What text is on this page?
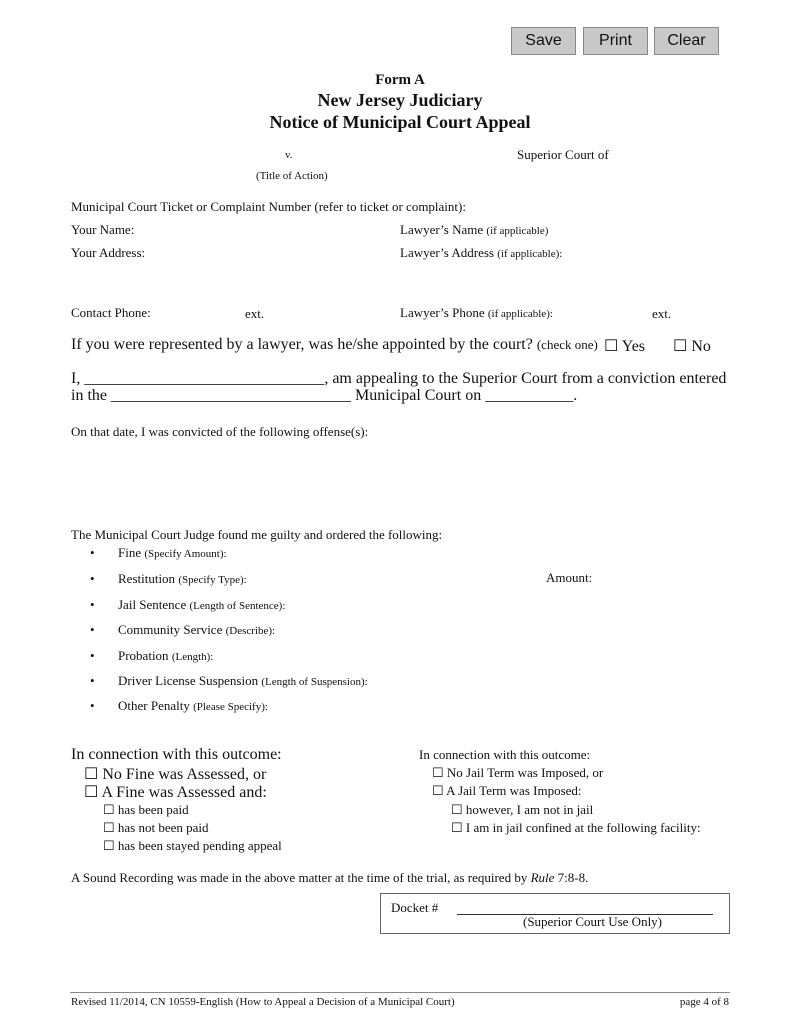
Save	Print	Clear
Form A
New Jersey Judiciary
Notice of Municipal Court Appeal
v.
(Title of Action)
Superior Court of
Municipal Court Ticket or Complaint Number (refer to ticket or complaint):
Your Name:	Lawyer’s Name (if applicable)
Your Address:	Lawyer’s Address (if applicable):
Contact Phone:	ext.	Lawyer’s Phone (if applicable):	ext.
If you were represented by a lawyer, was he/she appointed by the court? (check one) ☐ Yes ☐ No
I, ______________________________, am appealing to the Superior Court from a conviction entered
in the ______________________________ Municipal Court on ___________.
On that date, I was convicted of the following offense(s):
The Municipal Court Judge found me guilty and ordered the following:
• Fine (Specify Amount):
• Restitution (Specify Type):	Amount:
• Jail Sentence (Length of Sentence):
• Community Service (Describe):
• Probation (Length):
• Driver License Suspension (Length of Suspension):
• Other Penalty (Please Specify):
In connection with this outcome:
☐ No Fine was Assessed, or
☐ A Fine was Assessed and:
☐ has been paid
☐ has not been paid
☐ has been stayed pending appeal
In connection with this outcome:
☐ No Jail Term was Imposed, or
☐ A Jail Term was Imposed:
☐ however, I am not in jail
☐ I am in jail confined at the following facility:
A Sound Recording was made in the above matter at the time of the trial, as required by Rule 7:8-8.
Docket #
(Superior Court Use Only)
Revised 11/2014, CN 10559-English (How to Appeal a Decision of a Municipal Court)	page 4 of 8
